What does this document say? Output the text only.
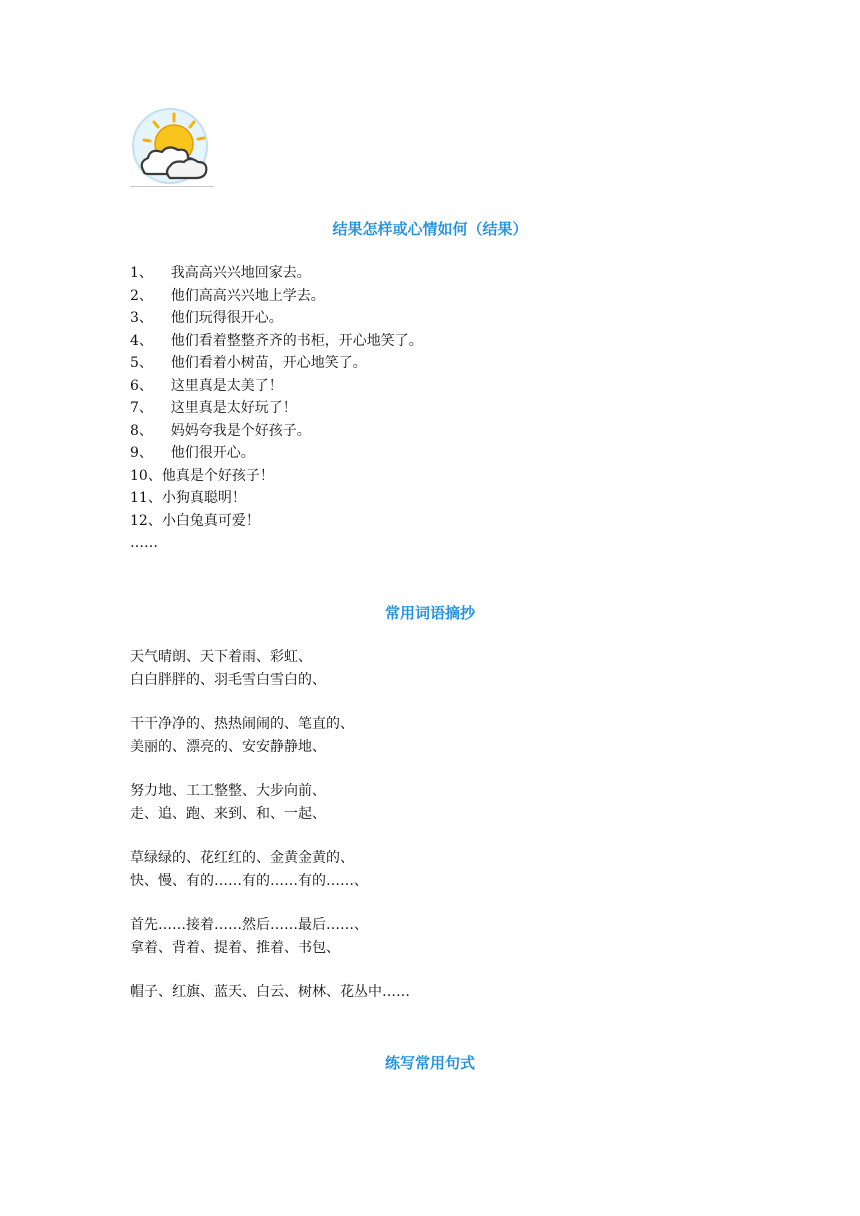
结果怎样或心情如何（结果）
1、    我高高兴兴地回家去。
2、    他们高高兴兴地上学去。
3、    他们玩得很开心。
4、    他们看着整整齐齐的书柜，开心地笑了。
5、    他们看着小树苗，开心地笑了。
6、    这里真是太美了！
7、    这里真是太好玩了！
8、    妈妈夸我是个好孩子。
9、    他们很开心。
10、他真是个好孩子！
11、小狗真聪明！
12、小白兔真可爱！
……
常用词语摘抄
天气晴朗、天下着雨、彩虹、
白白胖胖的、羽毛雪白雪白的、
干干净净的、热热闹闹的、笔直的、
美丽的、漂亮的、安安静静地、
努力地、工工整整、大步向前、
走、追、跑、来到、和、一起、
草绿绿的、花红红的、金黄金黄的、
快、慢、有的……有的……有的……、
首先……接着……然后……最后……、
拿着、背着、提着、推着、书包、
帽子、红旗、蓝天、白云、树林、花丛中……
练写常用句式
